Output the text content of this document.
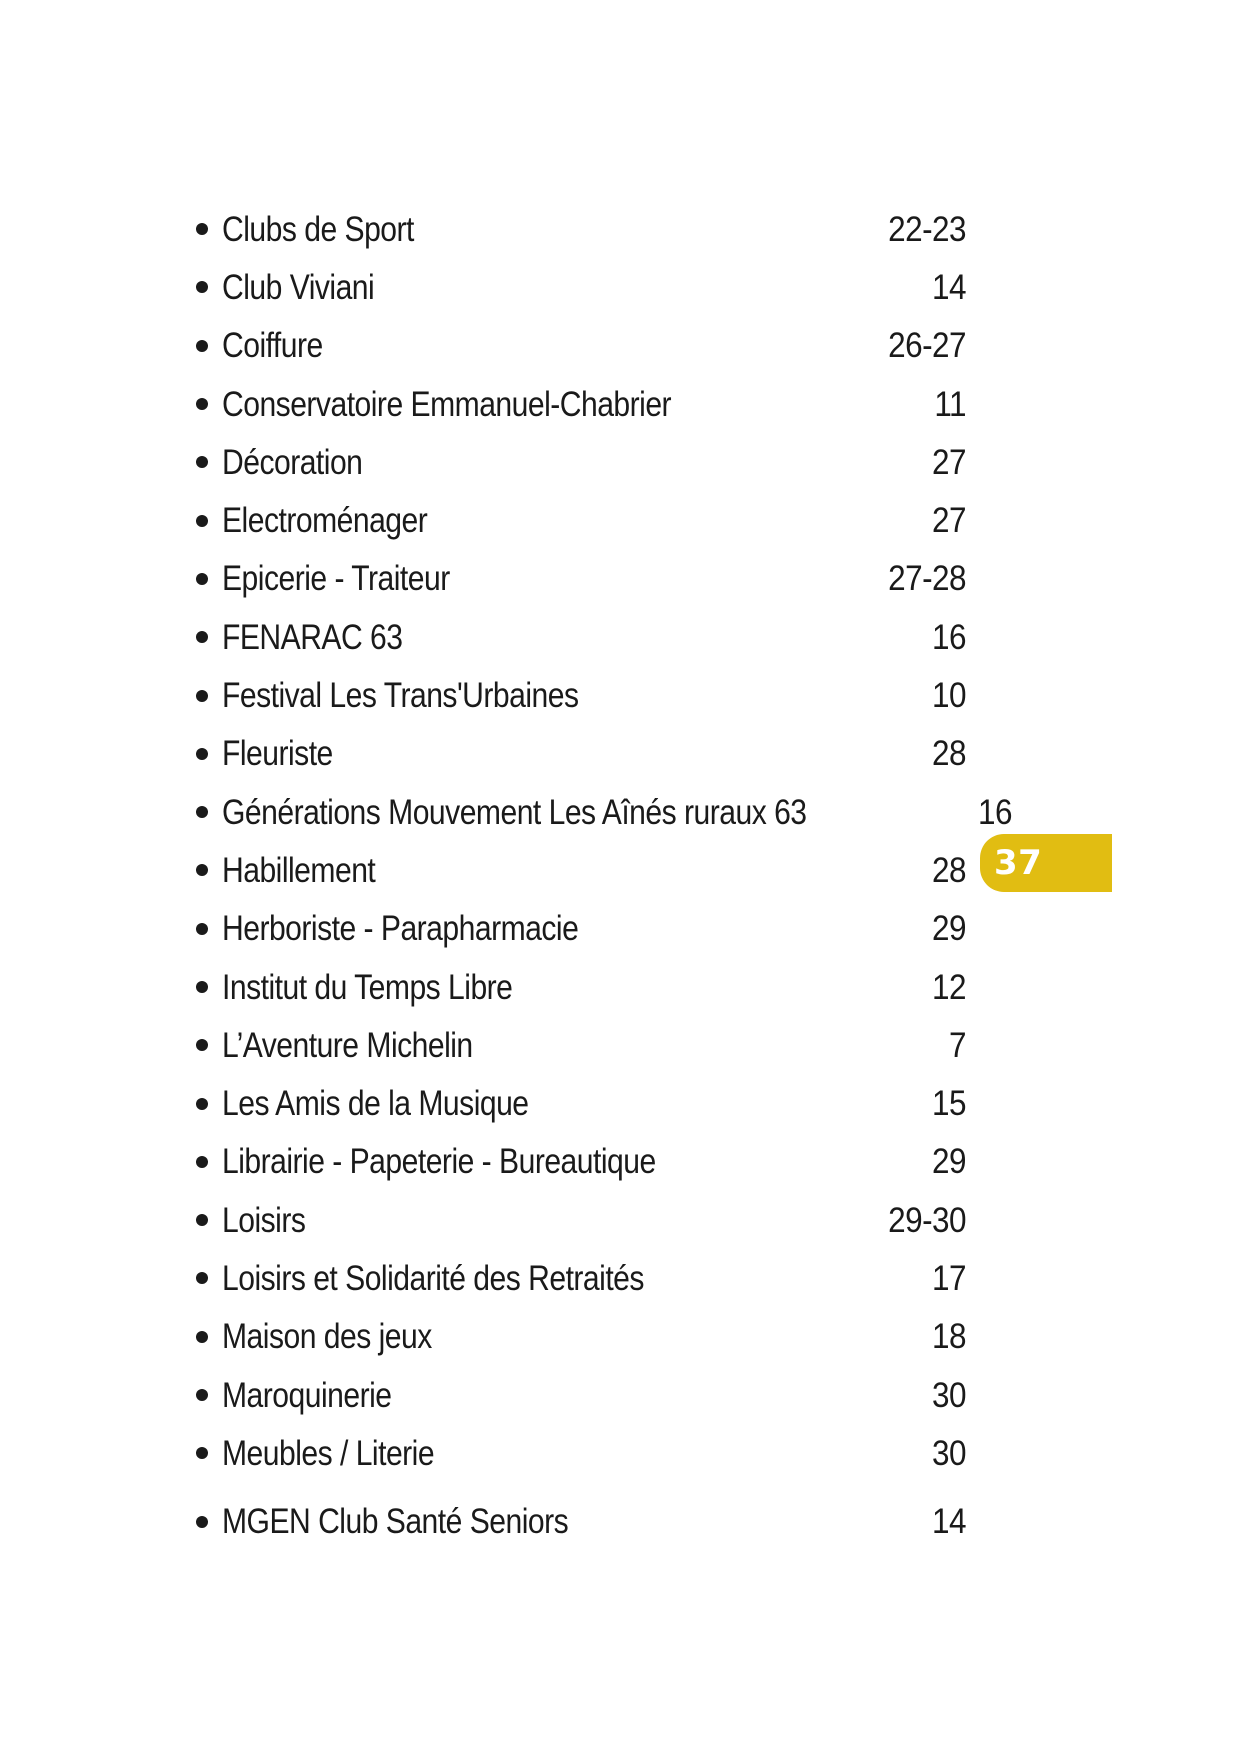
Clubs de Sport	22-23
Club Viviani	14
Coiffure	26-27
Conservatoire Emmanuel-Chabrier	11
Décoration	27
Electroménager	27
Epicerie - Traiteur	27-28
FENARAC 63	16
Festival Les Trans'Urbaines	10
Fleuriste	28
Générations Mouvement Les Aînés ruraux 63	16
Habillement	28
Herboriste - Parapharmacie	29
Institut du Temps Libre	12
L’Aventure Michelin	7
Les Amis de la Musique	15
Librairie - Papeterie - Bureautique	29
Loisirs	29-30
Loisirs et Solidarité des Retraités	17
Maison des jeux	18
Maroquinerie	30
Meubles / Literie	30
MGEN Club Santé Seniors	14
37
